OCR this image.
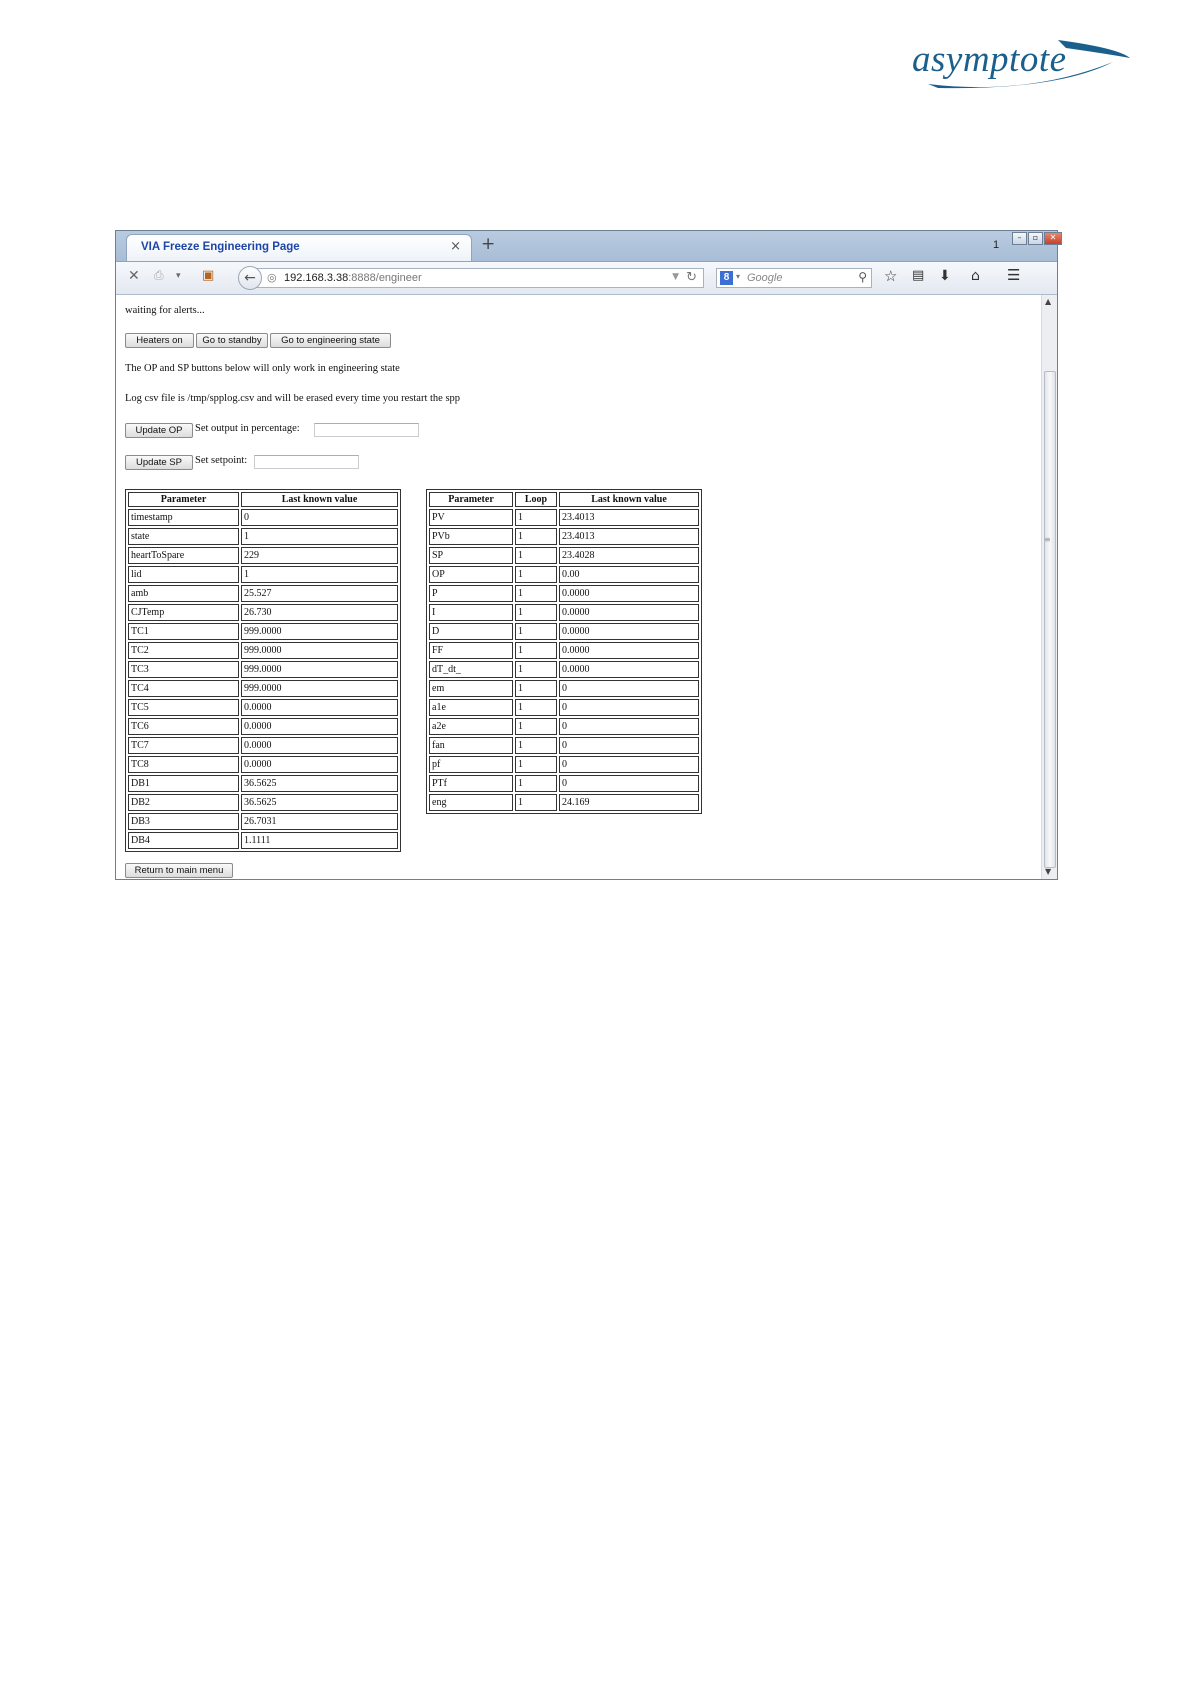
asymptote
VIA Freeze Engineering Page	× +	1
–	▫	✕
✕ ⎙ ▾ ▣	◎ 192.168.3.38:8888/engineer	▼ ↻
←	8 ▾ Google	⚲ ☆ ▤ ⬇ ⌂ ☰
waiting for alerts...
Heaters on	Go to standby	Go to engineering state
The OP and SP buttons below will only work in engineering state
Log csv file is /tmp/spplog.csv and will be erased every time you restart the spp
Update OP	Set output in percentage:
Update SP	Set setpoint:
Parameter	Last known value
timestamp	0
state	1
heartToSpare	229
lid	1
amb	25.527
CJTemp	26.730
TC1	999.0000
TC2	999.0000
TC3	999.0000
TC4	999.0000
TC5	0.0000
TC6	0.0000
TC7	0.0000
TC8	0.0000
DB1	36.5625
DB2	36.5625
DB3	26.7031
DB4	1.1111
Parameter	Loop	Last known value
PV	1	23.4013
PVb	1	23.4013
SP	1	23.4028
OP	1	0.00
P	1	0.0000
I	1	0.0000
D	1	0.0000
FF	1	0.0000
dT_dt_	1	0.0000
em	1	0
a1e	1	0
a2e	1	0
fan	1	0
pf	1	0
PTf	1	0
eng	1	24.169
Return to main menu
▲
≡
▼
